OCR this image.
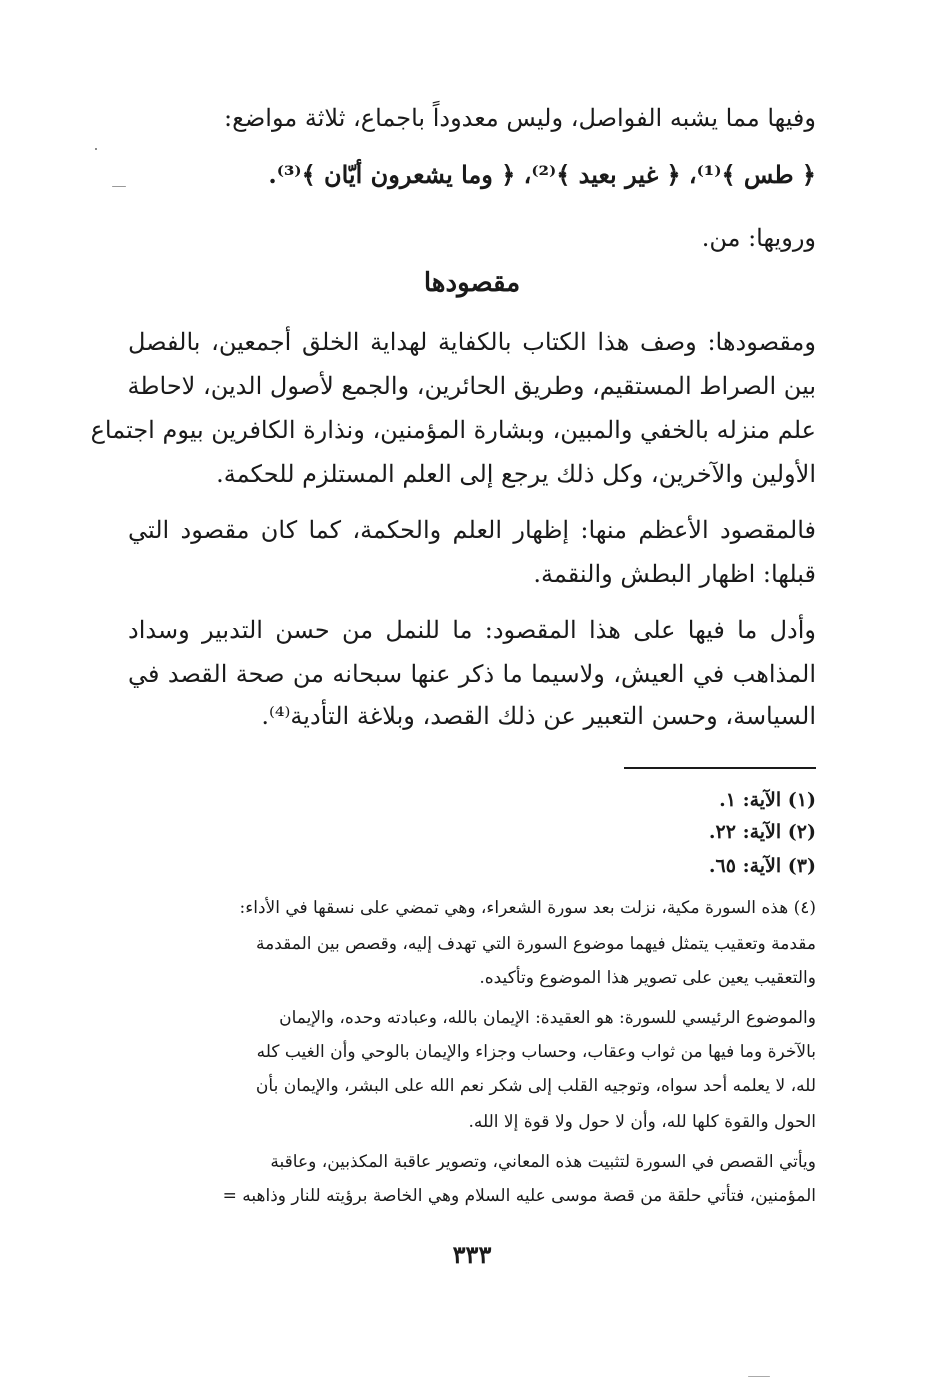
وفيها مما يشبه الفواصل، وليس معدوداً باجماع، ثلاثة مواضع:
﴿ طس ﴾⁽¹⁾، ﴿ غير بعيد ﴾⁽²⁾، ﴿ وما يشعرون أيّان ﴾⁽³⁾.
ورويها: من.
مقصودها
ومقصودها: وصف هذا الكتاب بالكفاية لهداية الخلق أجمعين، بالفصل
بين الصراط المستقيم، وطريق الحائرين، والجمع لأصول الدين، لاحاطة
علم منزله بالخفي والمبين، وبشارة المؤمنين، ونذارة الكافرين بيوم اجتماع
الأولين والآخرين، وكل ذلك يرجع إلى العلم المستلزم للحكمة.
فالمقصود الأعظم منها: إظهار العلم والحكمة، كما كان مقصود التي
قبلها: اظهار البطش والنقمة.
وأدل ما فيها على هذا المقصود: ما للنمل من حسن التدبير وسداد
المذاهب في العيش، ولاسيما ما ذكر عنها سبحانه من صحة القصد في
السياسة، وحسن التعبير عن ذلك القصد، وبلاغة التأدية⁽⁴⁾.
(١) الآية: ١.
(٢) الآية: ٢٢.
(٣) الآية: ٦٥.
(٤) هذه السورة مكية، نزلت بعد سورة الشعراء، وهي تمضي على نسقها في الأداء:
مقدمة وتعقيب يتمثل فيهما موضوع السورة التي تهدف إليه، وقصص بين المقدمة
والتعقيب يعين على تصوير هذا الموضوع وتأكيده.
والموضوع الرئيسي للسورة: هو العقيدة: الإيمان بالله، وعبادته وحده، والإيمان
بالآخرة وما فيها من ثواب وعقاب، وحساب وجزاء والإيمان بالوحي وأن الغيب كله
لله، لا يعلمه أحد سواه، وتوجيه القلب إلى شكر نعم الله على البشر، والإيمان بأن
الحول والقوة كلها لله، وأن لا حول ولا قوة إلا الله.
ويأتي القصص في السورة لتثبيت هذه المعاني، وتصوير عاقبة المكذبين، وعاقبة
المؤمنين، فتأتي حلقة من قصة موسى عليه السلام وهي الخاصة برؤيته للنار وذاهبه =
٣٣٣
